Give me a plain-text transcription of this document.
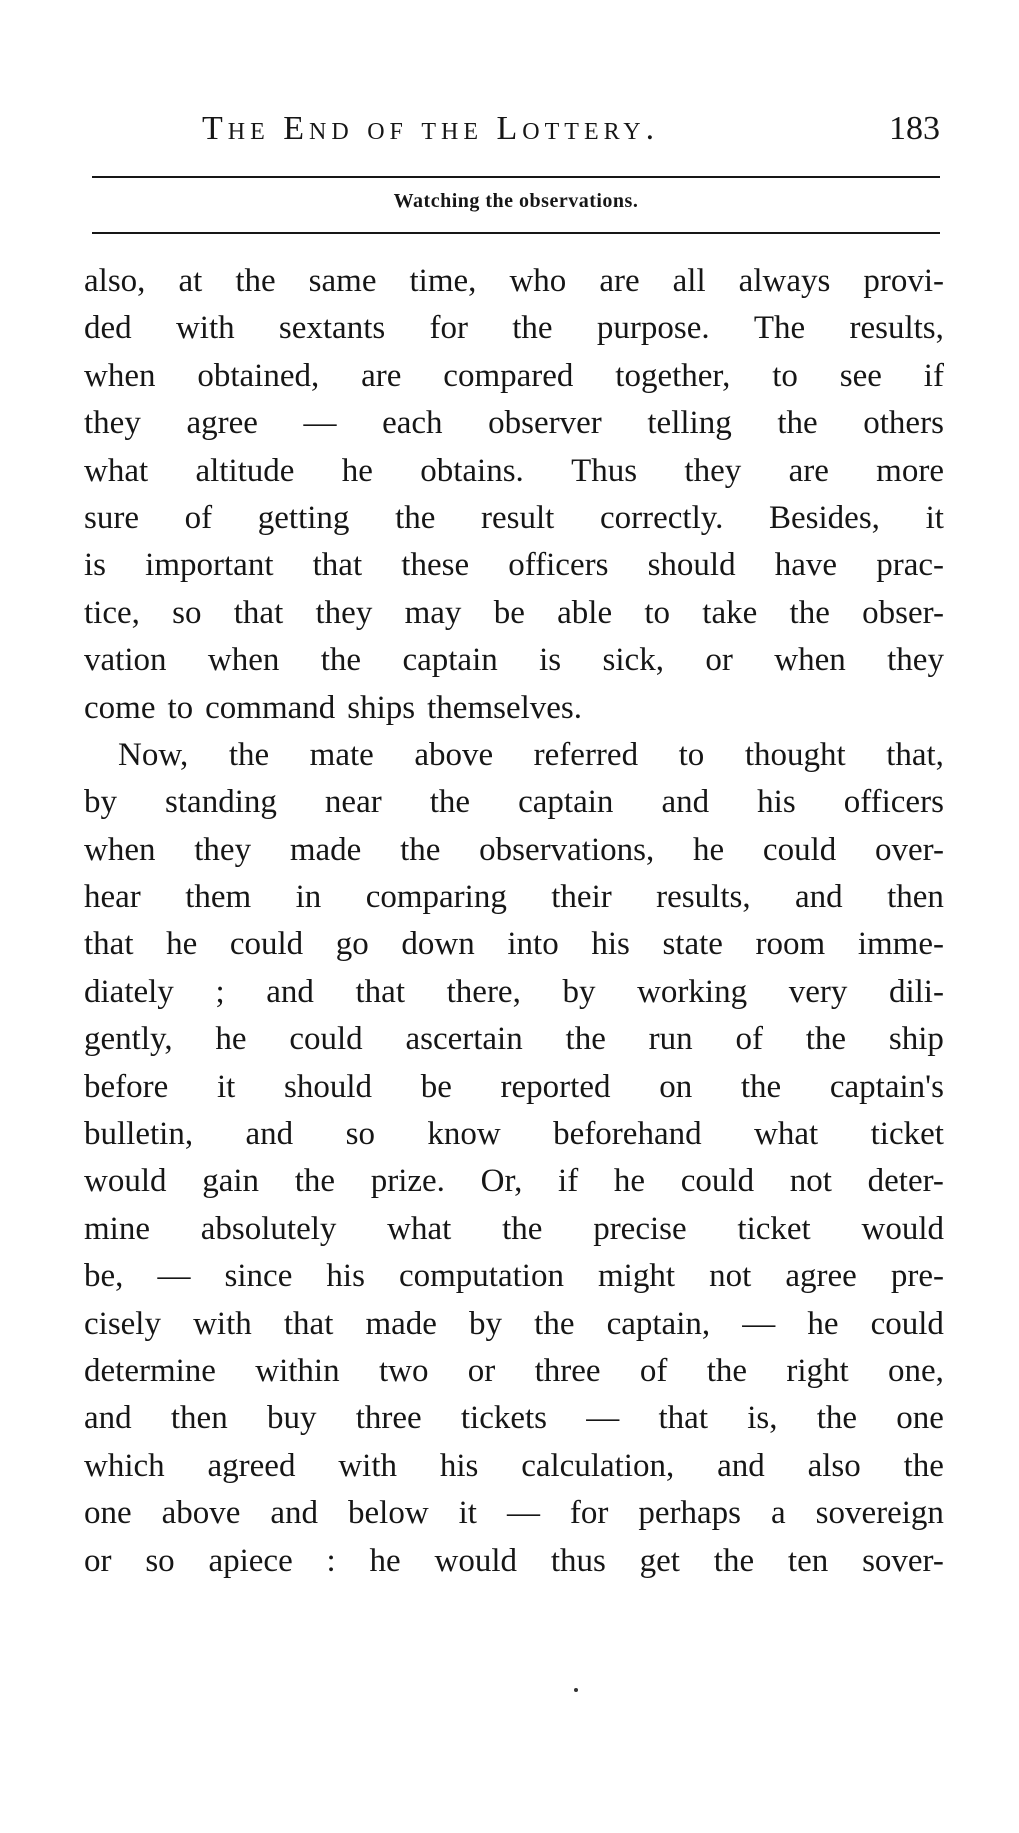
The End of the Lottery.	183
Watching the observations.
also, at the same time, who are all always provi-
ded with sextants for the purpose. The results,
when obtained, are compared together, to see if
they agree — each observer telling the others
what altitude he obtains. Thus they are more
sure of getting the result correctly. Besides, it
is important that these officers should have prac-
tice, so that they may be able to take the obser-
vation when the captain is sick, or when they
come to command ships themselves.
Now, the mate above referred to thought that,
by standing near the captain and his officers
when they made the observations, he could over-
hear them in comparing their results, and then
that he could go down into his state room imme-
diately ; and that there, by working very dili-
gently, he could ascertain the run of the ship
before it should be reported on the captain's
bulletin, and so know beforehand what ticket
would gain the prize. Or, if he could not deter-
mine absolutely what the precise ticket would
be, — since his computation might not agree pre-
cisely with that made by the captain, — he could
determine within two or three of the right one,
and then buy three tickets — that is, the one
which agreed with his calculation, and also the
one above and below it — for perhaps a sovereign
or so apiece : he would thus get the ten sover-
